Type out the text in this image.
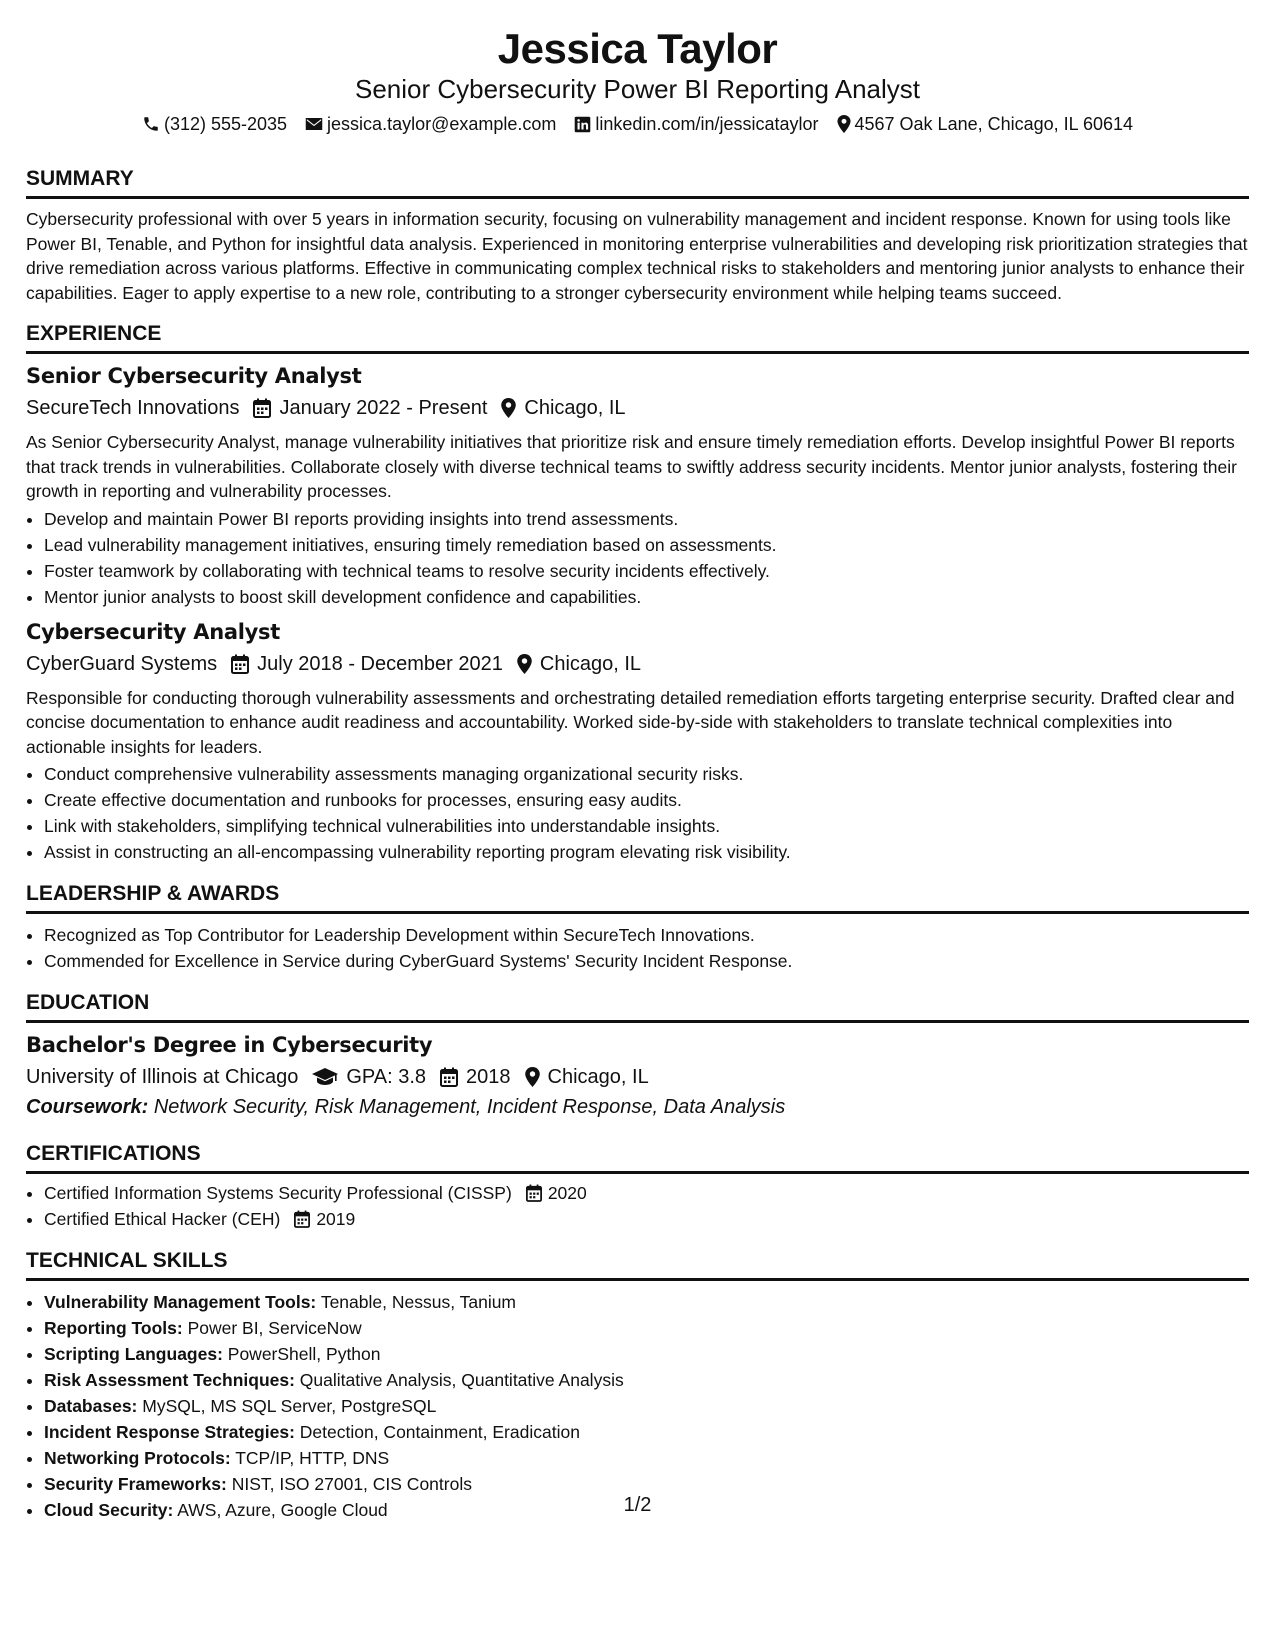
Jessica Taylor
Senior Cybersecurity Power BI Reporting Analyst
(312) 555-2035 jessica.taylor@example.com linkedin.com/in/jessicataylor 4567 Oak Lane, Chicago, IL 60614
SUMMARY
Cybersecurity professional with over 5 years in information security, focusing on vulnerability management and incident response. Known for using tools like Power BI, Tenable, and Python for insightful data analysis. Experienced in monitoring enterprise vulnerabilities and developing risk prioritization strategies that drive remediation across various platforms. Effective in communicating complex technical risks to stakeholders and mentoring junior analysts to enhance their capabilities. Eager to apply expertise to a new role, contributing to a stronger cybersecurity environment while helping teams succeed.
EXPERIENCE
Senior Cybersecurity Analyst
SecureTech Innovations January 2022 - Present Chicago, IL
As Senior Cybersecurity Analyst, manage vulnerability initiatives that prioritize risk and ensure timely remediation efforts. Develop insightful Power BI reports that track trends in vulnerabilities. Collaborate closely with diverse technical teams to swiftly address security incidents. Mentor junior analysts, fostering their growth in reporting and vulnerability processes.
• Develop and maintain Power BI reports providing insights into trend assessments.
• Lead vulnerability management initiatives, ensuring timely remediation based on assessments.
• Foster teamwork by collaborating with technical teams to resolve security incidents effectively.
• Mentor junior analysts to boost skill development confidence and capabilities.
Cybersecurity Analyst
CyberGuard Systems July 2018 - December 2021 Chicago, IL
Responsible for conducting thorough vulnerability assessments and orchestrating detailed remediation efforts targeting enterprise security. Drafted clear and concise documentation to enhance audit readiness and accountability. Worked side-by-side with stakeholders to translate technical complexities into actionable insights for leaders.
• Conduct comprehensive vulnerability assessments managing organizational security risks.
• Create effective documentation and runbooks for processes, ensuring easy audits.
• Link with stakeholders, simplifying technical vulnerabilities into understandable insights.
• Assist in constructing an all-encompassing vulnerability reporting program elevating risk visibility.
LEADERSHIP & AWARDS
• Recognized as Top Contributor for Leadership Development within SecureTech Innovations.
• Commended for Excellence in Service during CyberGuard Systems' Security Incident Response.
EDUCATION
Bachelor's Degree in Cybersecurity
University of Illinois at Chicago GPA: 3.8 2018 Chicago, IL
Coursework: Network Security, Risk Management, Incident Response, Data Analysis
CERTIFICATIONS
• Certified Information Systems Security Professional (CISSP) 2020
• Certified Ethical Hacker (CEH) 2019
TECHNICAL SKILLS
• Vulnerability Management Tools: Tenable, Nessus, Tanium
• Reporting Tools: Power BI, ServiceNow
• Scripting Languages: PowerShell, Python
• Risk Assessment Techniques: Qualitative Analysis, Quantitative Analysis
• Databases: MySQL, MS SQL Server, PostgreSQL
• Incident Response Strategies: Detection, Containment, Eradication
• Networking Protocols: TCP/IP, HTTP, DNS
• Security Frameworks: NIST, ISO 27001, CIS Controls
• Cloud Security: AWS, Azure, Google Cloud	1/2
